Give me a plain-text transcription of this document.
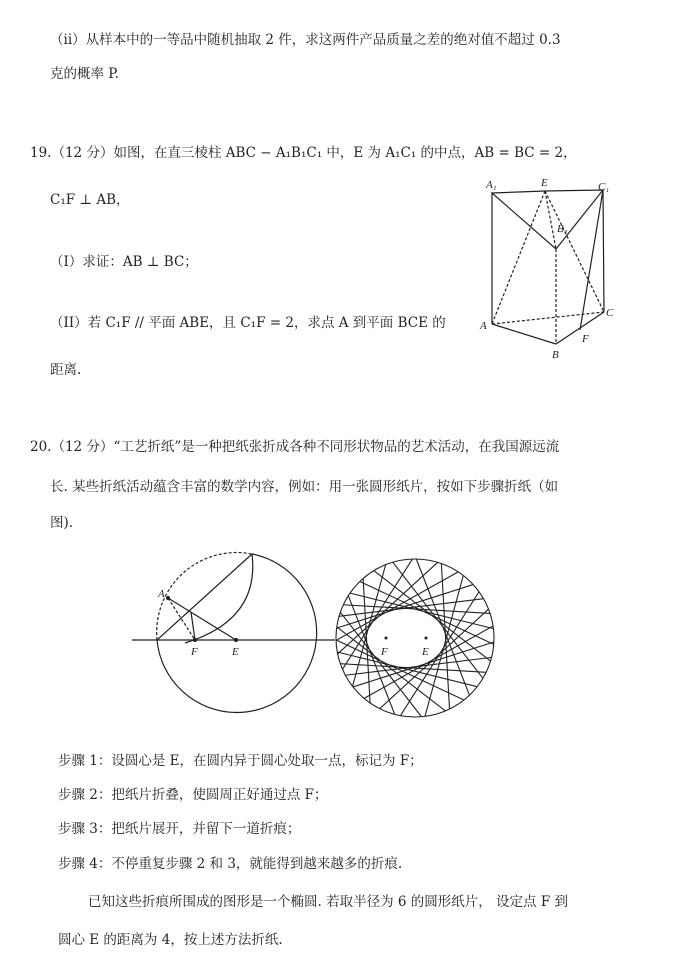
（ii）从样本中的一等品中随机抽取 2 件，求这两件产品质量之差的绝对值不超过 0.3
克的概率 P.
19.（12 分）如图，在直三棱柱 ABC − A₁B₁C₁ 中，E 为 A₁C₁ 的中点，AB = BC = 2，
C₁F ⊥ AB，
（I）求证：AB ⊥ BC；
（II）若 C₁F // 平面 ABE，且 C₁F = 2，求点 A 到平面 BCE 的
距离.
A₁	E	C₁
B₁
A
B
C
F
A
F	E	F	E
20.（12 分）“工艺折纸”是一种把纸张折成各种不同形状物品的艺术活动，在我国源远流
长. 某些折纸活动蕴含丰富的数学内容，例如：用一张圆形纸片，按如下步骤折纸（如
图).
步骤 1：设圆心是 E，在圆内异于圆心处取一点，标记为 F；
步骤 2：把纸片折叠，使圆周正好通过点 F；
步骤 3：把纸片展开，并留下一道折痕；
步骤 4：不停重复步骤 2 和 3，就能得到越来越多的折痕.
已知这些折痕所围成的图形是一个椭圆. 若取半径为 6 的圆形纸片， 设定点 F 到
圆心 E 的距离为 4，按上述方法折纸.
